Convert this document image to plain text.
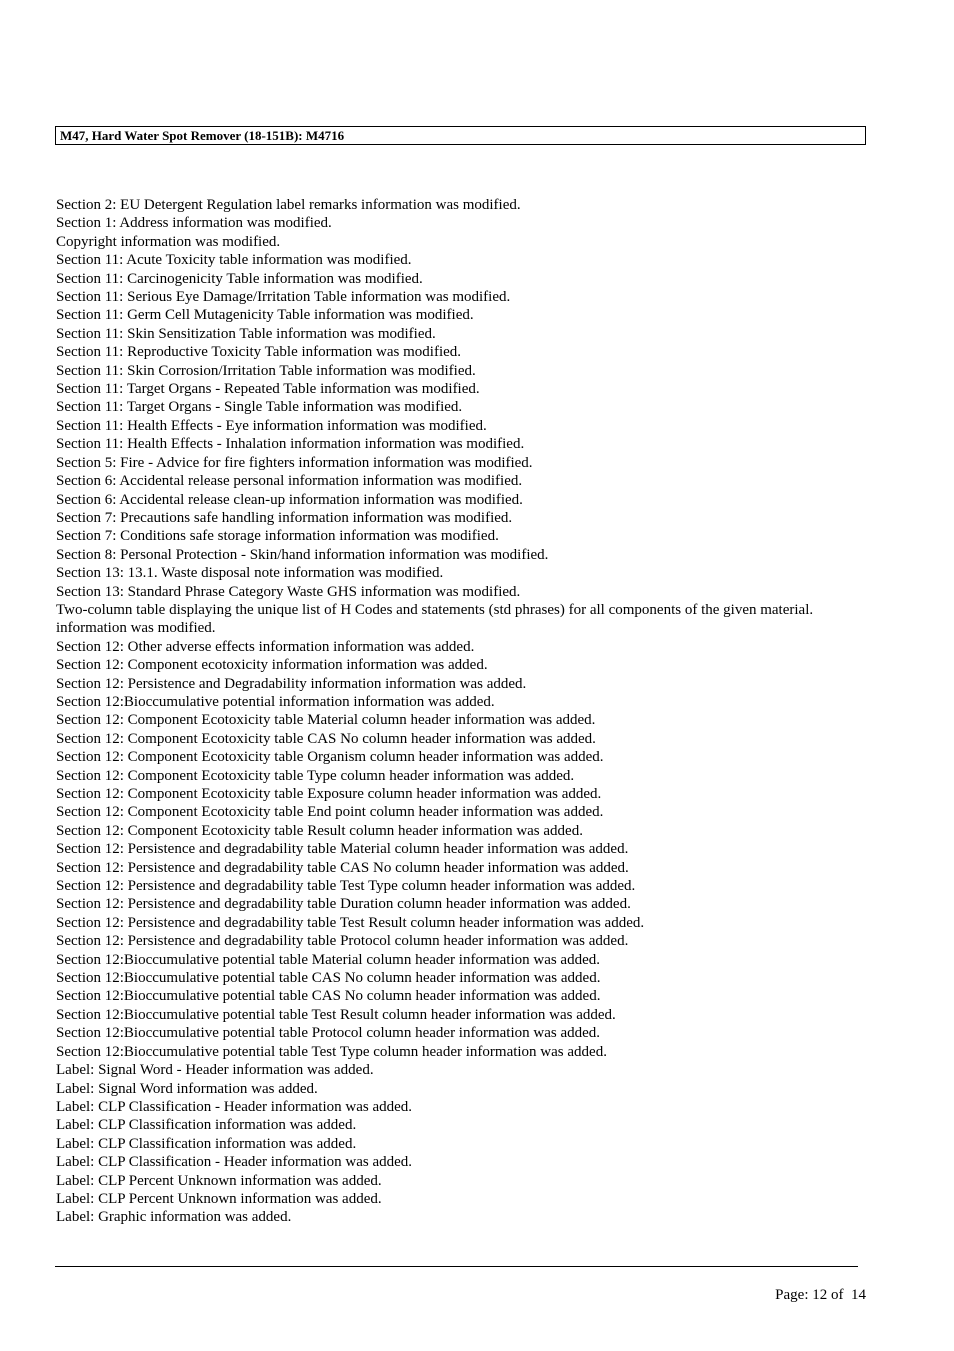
M47, Hard Water Spot Remover (18-151B): M4716
Section 2: EU Detergent Regulation label remarks information was modified.
Section 1: Address information was modified.
Copyright information was modified.
Section 11: Acute Toxicity table information was modified.
Section 11: Carcinogenicity Table information was modified.
Section 11: Serious Eye Damage/Irritation Table information was modified.
Section 11: Germ Cell Mutagenicity Table information was modified.
Section 11: Skin Sensitization Table information was modified.
Section 11: Reproductive Toxicity Table information was modified.
Section 11: Skin Corrosion/Irritation Table information was modified.
Section 11: Target Organs - Repeated Table information was modified.
Section 11: Target Organs - Single Table information was modified.
Section 11: Health Effects - Eye information information was modified.
Section 11: Health Effects - Inhalation information information was modified.
Section 5: Fire - Advice for fire fighters information information was modified.
Section 6: Accidental release personal information information was modified.
Section 6: Accidental release clean-up information information was modified.
Section 7: Precautions safe handling information information was modified.
Section 7: Conditions safe storage information information was modified.
Section 8: Personal Protection - Skin/hand information information was modified.
Section 13: 13.1. Waste disposal note information was modified.
Section 13: Standard Phrase Category Waste GHS information was modified.
Two-column table displaying the unique list of H Codes and statements (std phrases) for all components of the given material. information was modified.
Section 12: Other adverse effects information information was added.
Section 12: Component ecotoxicity information information was added.
Section 12: Persistence and Degradability information information was added.
Section 12:Bioccumulative potential information information was added.
Section 12: Component Ecotoxicity table Material column header information was added.
Section 12: Component Ecotoxicity table CAS No column header information was added.
Section 12: Component Ecotoxicity table Organism column header information was added.
Section 12: Component Ecotoxicity table Type column header information was added.
Section 12: Component Ecotoxicity table Exposure column header information was added.
Section 12: Component Ecotoxicity table End point column header information was added.
Section 12: Component Ecotoxicity table Result column header information was added.
Section 12: Persistence and degradability table Material column header information was added.
Section 12: Persistence and degradability table CAS No column header information was added.
Section 12: Persistence and degradability table Test Type column header information was added.
Section 12: Persistence and degradability table Duration column header information was added.
Section 12: Persistence and degradability table Test Result column header information was added.
Section 12: Persistence and degradability table Protocol column header information was added.
Section 12:Bioccumulative potential table Material column header information was added.
Section 12:Bioccumulative potential table CAS No column header information was added.
Section 12:Bioccumulative potential table CAS No column header information was added.
Section 12:Bioccumulative potential table Test Result column header information was added.
Section 12:Bioccumulative potential table Protocol column header information was added.
Section 12:Bioccumulative potential table Test Type column header information was added.
Label: Signal Word - Header information was added.
Label: Signal Word information was added.
Label: CLP Classification - Header information was added.
Label: CLP Classification information was added.
Label: CLP Classification information was added.
Label: CLP Classification - Header information was added.
Label: CLP Percent Unknown information was added.
Label: CLP Percent Unknown information was added.
Label: Graphic information was added.
Page: 12 of  14
